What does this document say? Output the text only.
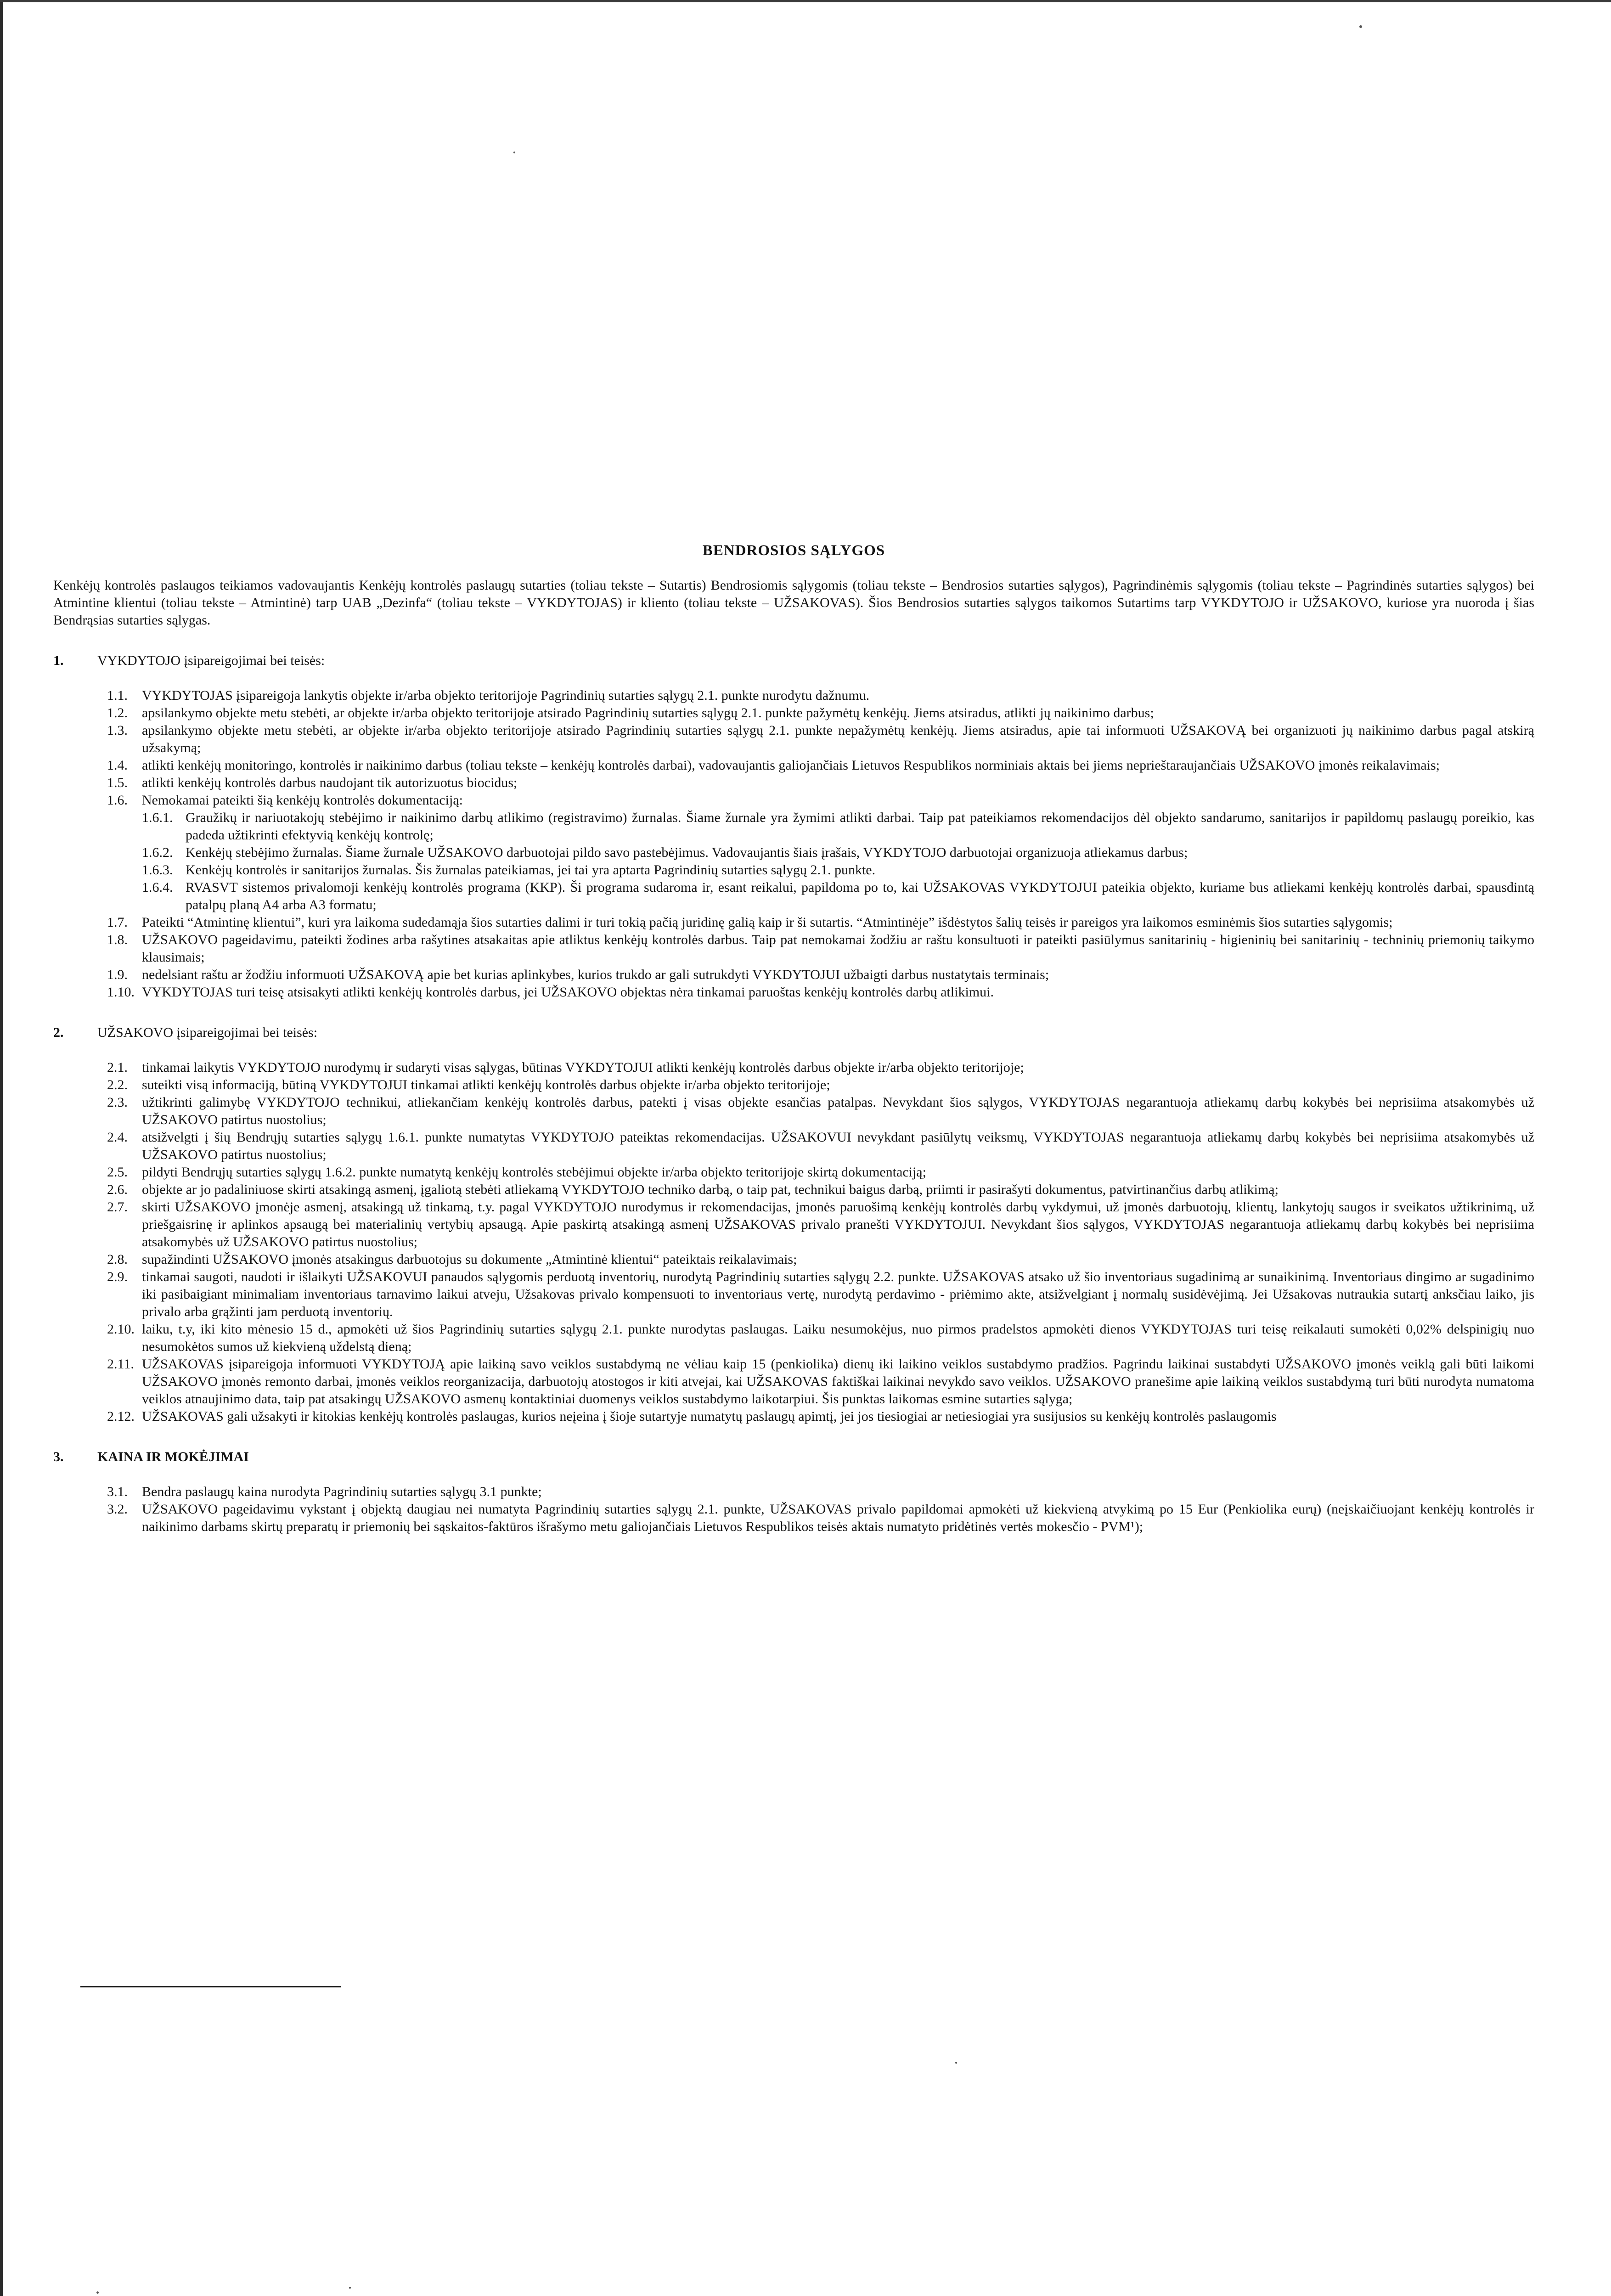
BENDROSIOS SĄLYGOS
Kenkėjų kontrolės paslaugos teikiamos vadovaujantis Kenkėjų kontrolės paslaugų sutarties (toliau tekste – Sutartis) Bendrosiomis sąlygomis (toliau tekste – Bendrosios sutarties sąlygos), Pagrindinėmis sąlygomis (toliau tekste – Pagrindinės sutarties sąlygos) bei Atmintine klientui (toliau tekste – Atmintinė) tarp UAB „Dezinfa“ (toliau tekste – VYKDYTOJAS) ir kliento (toliau tekste – UŽSAKOVAS). Šios Bendrosios sutarties sąlygos taikomos Sutartims tarp VYKDYTOJO ir UŽSAKOVO, kuriose yra nuoroda į šias Bendrąsias sutarties sąlygas.
1.	VYKDYTOJO įsipareigojimai bei teisės:
1.1.	VYKDYTOJAS įsipareigoja lankytis objekte ir/arba objekto teritorijoje Pagrindinių sutarties sąlygų 2.1. punkte nurodytu dažnumu.
1.2.	apsilankymo objekte metu stebėti, ar objekte ir/arba objekto teritorijoje atsirado Pagrindinių sutarties sąlygų 2.1. punkte pažymėtų kenkėjų. Jiems atsiradus, atlikti jų naikinimo darbus;
1.3.	apsilankymo objekte metu stebėti, ar objekte ir/arba objekto teritorijoje atsirado Pagrindinių sutarties sąlygų 2.1. punkte nepažymėtų kenkėjų. Jiems atsiradus, apie tai informuoti UŽSAKOVĄ bei organizuoti jų naikinimo darbus pagal atskirą užsakymą;
1.4.	atlikti kenkėjų monitoringo, kontrolės ir naikinimo darbus (toliau tekste – kenkėjų kontrolės darbai), vadovaujantis galiojančiais Lietuvos Respublikos norminiais aktais bei jiems neprieštaraujančiais UŽSAKOVO įmonės reikalavimais;
1.5.	atlikti kenkėjų kontrolės darbus naudojant tik autorizuotus biocidus;
1.6.	Nemokamai pateikti šią kenkėjų kontrolės dokumentaciją:
1.6.1. Graužikų ir nariuotakojų stebėjimo ir naikinimo darbų atlikimo (registravimo) žurnalas. Šiame žurnale yra žymimi atlikti darbai. Taip pat pateikiamos rekomendacijos dėl objekto sandarumo, sanitarijos ir papildomų paslaugų poreikio, kas padeda užtikrinti efektyvią kenkėjų kontrolę;
1.6.2. Kenkėjų stebėjimo žurnalas. Šiame žurnale UŽSAKOVO darbuotojai pildo savo pastebėjimus. Vadovaujantis šiais įrašais, VYKDYTOJO darbuotojai organizuoja atliekamus darbus;
1.6.3. Kenkėjų kontrolės ir sanitarijos žurnalas. Šis žurnalas pateikiamas, jei tai yra aptarta Pagrindinių sutarties sąlygų 2.1. punkte.
1.6.4. RVASVT sistemos privalomoji kenkėjų kontrolės programa (KKP). Ši programa sudaroma ir, esant reikalui, papildoma po to, kai UŽSAKOVAS VYKDYTOJUI pateikia objekto, kuriame bus atliekami kenkėjų kontrolės darbai, spausdintą patalpų planą A4 arba A3 formatu;
1.7.	Pateikti “Atmintinę klientui”, kuri yra laikoma sudedamąja šios sutarties dalimi ir turi tokią pačią juridinę galią kaip ir ši sutartis. “Atmintinėje” išdėstytos šalių teisės ir pareigos yra laikomos esminėmis šios sutarties sąlygomis;
1.8.	UŽSAKOVO pageidavimu, pateikti žodines arba rašytines atsakaitas apie atliktus kenkėjų kontrolės darbus. Taip pat nemokamai žodžiu ar raštu konsultuoti ir pateikti pasiūlymus sanitarinių - higieninių bei sanitarinių - techninių priemonių taikymo klausimais;
1.9.	nedelsiant raštu ar žodžiu informuoti UŽSAKOVĄ apie bet kurias aplinkybes, kurios trukdo ar gali sutrukdyti VYKDYTOJUI užbaigti darbus nustatytais terminais;
1.10. VYKDYTOJAS turi teisę atsisakyti atlikti kenkėjų kontrolės darbus, jei UŽSAKOVO objektas nėra tinkamai paruoštas kenkėjų kontrolės darbų atlikimui.
2.	UŽSAKOVO įsipareigojimai bei teisės:
2.1.	tinkamai laikytis VYKDYTOJO nurodymų ir sudaryti visas sąlygas, būtinas VYKDYTOJUI atlikti kenkėjų kontrolės darbus objekte ir/arba objekto teritorijoje;
2.2.	suteikti visą informaciją, būtiną VYKDYTOJUI tinkamai atlikti kenkėjų kontrolės darbus objekte ir/arba objekto teritorijoje;
2.3.	užtikrinti galimybę VYKDYTOJO technikui, atliekančiam kenkėjų kontrolės darbus, patekti į visas objekte esančias patalpas. Nevykdant šios sąlygos, VYKDYTOJAS negarantuoja atliekamų darbų kokybės bei neprisiima atsakomybės už UŽSAKOVO patirtus nuostolius;
2.4.	atsižvelgti į šių Bendrųjų sutarties sąlygų 1.6.1. punkte numatytas VYKDYTOJO pateiktas rekomendacijas. UŽSAKOVUI nevykdant pasiūlytų veiksmų, VYKDYTOJAS negarantuoja atliekamų darbų kokybės bei neprisiima atsakomybės už UŽSAKOVO patirtus nuostolius;
2.5.	pildyti Bendrųjų sutarties sąlygų 1.6.2. punkte numatytą kenkėjų kontrolės stebėjimui objekte ir/arba objekto teritorijoje skirtą dokumentaciją;
2.6.	objekte ar jo padaliniuose skirti atsakingą asmenį, įgaliotą stebėti atliekamą VYKDYTOJO techniko darbą, o taip pat, technikui baigus darbą, priimti ir pasirašyti dokumentus, patvirtinančius darbų atlikimą;
2.7.	skirti UŽSAKOVO įmonėje asmenį, atsakingą už tinkamą, t.y. pagal VYKDYTOJO nurodymus ir rekomendacijas, įmonės paruošimą kenkėjų kontrolės darbų vykdymui, už įmonės darbuotojų, klientų, lankytojų saugos ir sveikatos užtikrinimą, už priešgaisrinę ir aplinkos apsaugą bei materialinių vertybių apsaugą. Apie paskirtą atsakingą asmenį UŽSAKOVAS privalo pranešti VYKDYTOJUI. Nevykdant šios sąlygos, VYKDYTOJAS negarantuoja atliekamų darbų kokybės bei neprisiima atsakomybės už UŽSAKOVO patirtus nuostolius;
2.8.	supažindinti UŽSAKOVO įmonės atsakingus darbuotojus su dokumente „Atmintinė klientui“ pateiktais reikalavimais;
2.9.	tinkamai saugoti, naudoti ir išlaikyti UŽSAKOVUI panaudos sąlygomis perduotą inventorių, nurodytą Pagrindinių sutarties sąlygų 2.2. punkte. UŽSAKOVAS atsako už šio inventoriaus sugadinimą ar sunaikinimą. Inventoriaus dingimo ar sugadinimo iki pasibaigiant minimaliam inventoriaus tarnavimo laikui atveju, Užsakovas privalo kompensuoti to inventoriaus vertę, nurodytą perdavimo - priėmimo akte, atsižvelgiant į normalų susidėvėjimą. Jei Užsakovas nutraukia sutartį anksčiau laiko, jis privalo arba grąžinti jam perduotą inventorių.
2.10. laiku, t.y, iki kito mėnesio 15 d., apmokėti už šios Pagrindinių sutarties sąlygų 2.1. punkte nurodytas paslaugas. Laiku nesumokėjus, nuo pirmos pradelstos apmokėti dienos VYKDYTOJAS turi teisę reikalauti sumokėti 0,02% delspinigių nuo nesumokėtos sumos už kiekvieną uždelstą dieną;
2.11. UŽSAKOVAS įsipareigoja informuoti VYKDYTOJĄ apie laikiną savo veiklos sustabdymą ne vėliau kaip 15 (penkiolika) dienų iki laikino veiklos sustabdymo pradžios. Pagrindu laikinai sustabdyti UŽSAKOVO įmonės veiklą gali būti laikomi UŽSAKOVO įmonės remonto darbai, įmonės veiklos reorganizacija, darbuotojų atostogos ir kiti atvejai, kai UŽSAKOVAS faktiškai laikinai nevykdo savo veiklos. UŽSAKOVO pranešime apie laikiną veiklos sustabdymą turi būti nurodyta numatoma veiklos atnaujinimo data, taip pat atsakingų UŽSAKOVO asmenų kontaktiniai duomenys veiklos sustabdymo laikotarpiui. Šis punktas laikomas esmine sutarties sąlyga;
2.12. UŽSAKOVAS gali užsakyti ir kitokias kenkėjų kontrolės paslaugas, kurios neįeina į šioje sutartyje numatytų paslaugų apimtį, jei jos tiesiogiai ar netiesiogiai yra susijusios su kenkėjų kontrolės paslaugomis
3.	KAINA IR MOKĖJIMAI
3.1.	Bendra paslaugų kaina nurodyta Pagrindinių sutarties sąlygų 3.1 punkte;
3.2.	UŽSAKOVO pageidavimu vykstant į objektą daugiau nei numatyta Pagrindinių sutarties sąlygų 2.1. punkte, UŽSAKOVAS privalo papildomai apmokėti už kiekvieną atvykimą po 15 Eur (Penkiolika eurų) (neįskaičiuojant kenkėjų kontrolės ir naikinimo darbams skirtų preparatų ir priemonių bei sąskaitos-faktūros išrašymo metu galiojančiais Lietuvos Respublikos teisės aktais numatyto pridėtinės vertės mokesčio - PVM¹);
